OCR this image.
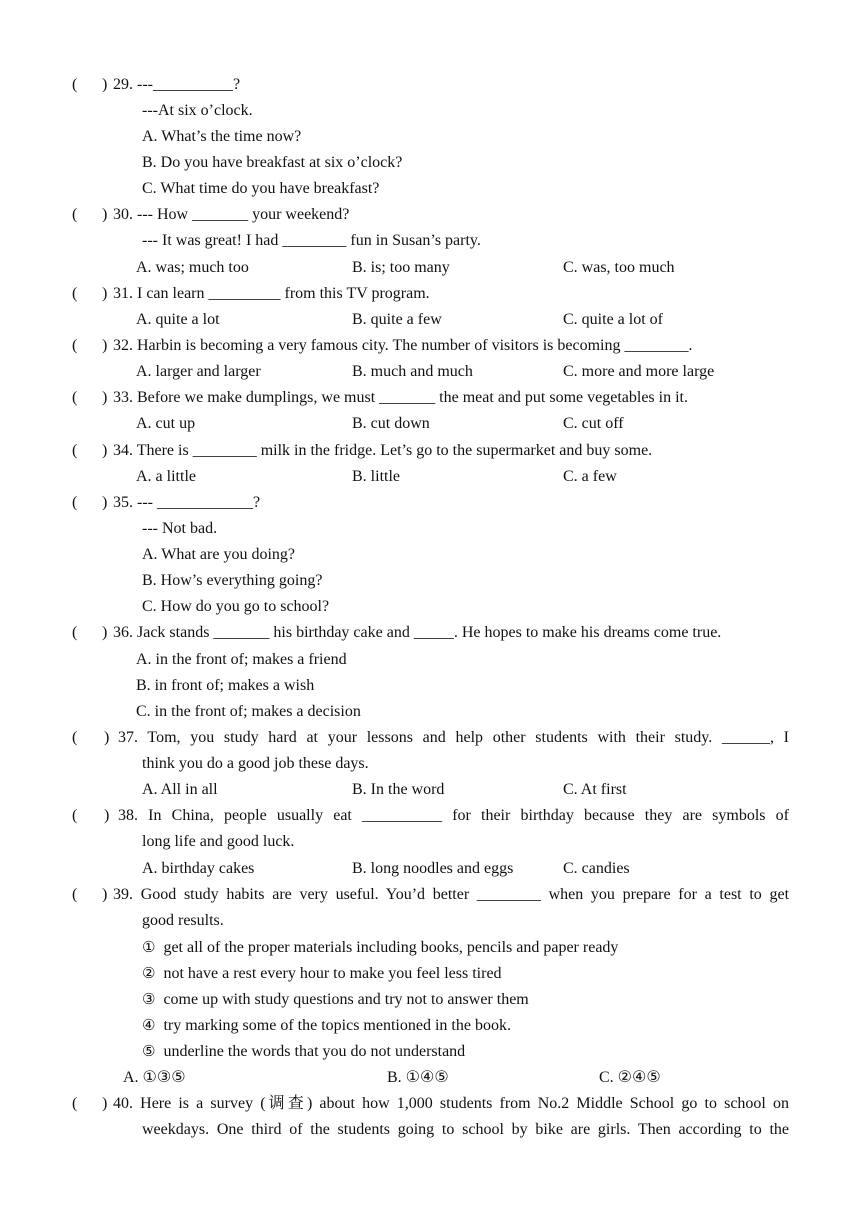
( ) 29. ---__________?
---At six o’clock.
A. What’s the time now?
B. Do you have breakfast at six o’clock?
C. What time do you have breakfast?
( ) 30. --- How _______ your weekend?
--- It was great! I had ________ fun in Susan’s party.
A. was; much too	B. is; too many	C. was, too much
( ) 31. I can learn _________ from this TV program.
A. quite a lot	B. quite a few	C. quite a lot of
( ) 32. Harbin is becoming a very famous city. The number of visitors is becoming ________.
A. larger and larger	B. much and much	C. more and more large
( ) 33. Before we make dumplings, we must _______ the meat and put some vegetables in it.
A. cut up	B. cut down	C. cut off
( ) 34. There is ________ milk in the fridge. Let’s go to the supermarket and buy some.
A. a little	B. little	C. a few
( ) 35. --- ____________?
--- Not bad.
A. What are you doing?
B. How’s everything going?
C. How do you go to school?
( ) 36. Jack stands _______ his birthday cake and _____. He hopes to make his dreams come true.
A. in the front of; makes a friend
B. in front of; makes a wish
C. in the front of; makes a decision
( ) 37. Tom, you study hard at your lessons and help other students with their study. ______, I
think you do a good job these days.
A. All in all	B. In the word	C. At first
( ) 38. In China, people usually eat __________ for their birthday because they are symbols of
long life and good luck.
A. birthday cakes	B. long noodles and eggs	C. candies
( ) 39. Good study habits are very useful. You’d better ________ when you prepare for a test to get
good results.
① get all of the proper materials including books, pencils and paper ready
② not have a rest every hour to make you feel less tired
③ come up with study questions and try not to answer them
④ try marking some of the topics mentioned in the book.
⑤ underline the words that you do not understand
A. ①③⑤	B. ①④⑤	C. ②④⑤
( ) 40. Here is a survey (调查) about how 1,000 students from No.2 Middle School go to school on
weekdays. One third of the students going to school by bike are girls. Then according to the
